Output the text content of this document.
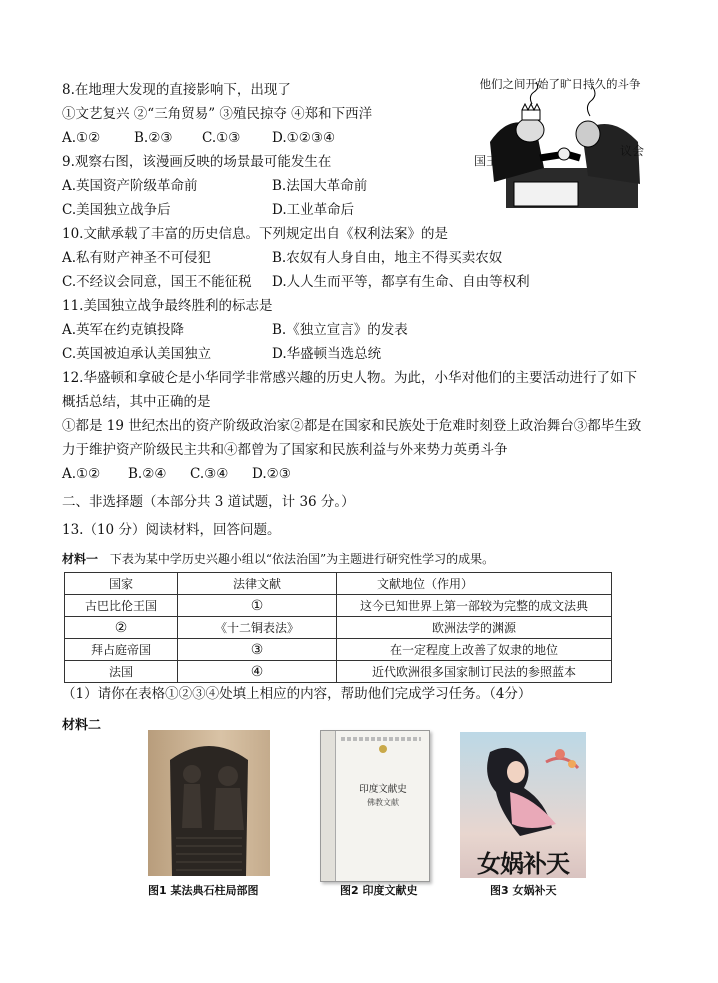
8.在地理大发现的直接影响下，出现了
①文艺复兴 ②“三角贸易” ③殖民掠夺 ④郑和下西洋
A.①②	B.②③ C.①③ D.①②③④
9.观察右图，该漫画反映的场景最可能发生在
A.英国资产阶级革命前	B.法国大革命前
C.美国独立战争后	D.工业革命后
他们之间开始了旷日持久的斗争
国王
议会
10.文献承载了丰富的历史信息。下列规定出自《权利法案》的是
A.私有财产神圣不可侵犯	B.农奴有人身自由，地主不得买卖农奴
C.不经议会同意，国王不能征税 D.人人生而平等，都享有生命、自由等权利
11.美国独立战争最终胜利的标志是
A.英军在约克镇投降	B.《独立宣言》的发表
C.英国被迫承认美国独立	D.华盛顿当选总统
12.华盛顿和拿破仑是小华同学非常感兴趣的历史人物。为此，小华对他们的主要活动进行了如下
概括总结，其中正确的是
①都是 19 世纪杰出的资产阶级政治家②都是在国家和民族处于危难时刻登上政治舞台③都毕生致
力于维护资产阶级民主共和④都曾为了国家和民族利益与外来势力英勇斗争
A.①② B.②④ C.③④ D.②③
二、非选择题（本部分共 3 道试题，计 36 分。）
13.（10 分）阅读材料，回答问题。
材料一 下表为某中学历史兴趣小组以“依法治国”为主题进行研究性学习的成果。
国家	法律文献	文献地位（作用）
古巴比伦王国	①	这今已知世界上第一部较为完整的成文法典
②	《十二铜表法》	欧洲法学的渊源
拜占庭帝国	③	在一定程度上改善了奴隶的地位
法国	④	近代欧洲很多国家制订民法的参照蓝本
（1）请你在表格①②③④处填上相应的内容，帮助他们完成学习任务。（4分）
材料二
印度文献史
佛教文献
女娲补天
图1 某法典石柱局部图	图2 印度文献史	图3 女娲补天
